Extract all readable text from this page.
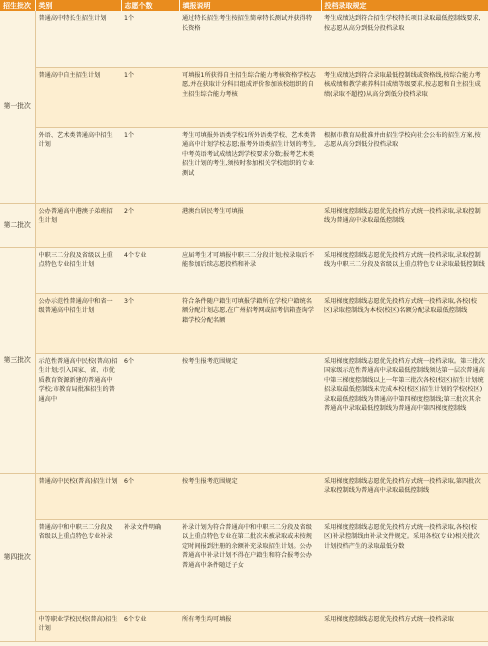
招生批次	类别	志愿个数	填报说明	投档录取规定
第一批次	普通高中特长生招生计划	1个	通过特长招生考生按招生简章特长测试并获得特长资格	考生成绩达到符合招生学校特长项目录取最低控制线要求,按志愿从高分到低分投档录取
	普通高中自主招生计划	1个	可填报1所获得自主招生综合能力考核资格学校志愿,并在获取计分科目组成评价参加该校组织的自主招生综合能力考核	考生成绩达到符合录取最低控制线或资格线,按综合能力考核成绩和教学素养科目成绩等级要求,按志愿和自主招生成绩(录取不超控)从高分到低分投档录取
	外语、艺术类普通高中招生计划	1个	考生可填报外语类学校1所外语类学校、艺术类普通高中计划学校志愿;报考外语类招生计划的考生,中考英语考试成绩达到学校要求分数;报考艺术类招生计划的考生,须按时参加相关学校组织的专业测试	根据市教育局批准并由招生学校向社会公布的招生方案,按志愿从高分到低分投档录取
第二批次	公办普通高中港澳子弟班招生计划	2个	港澳台居民考生可填报	采用梯度控制线志愿优先投档方式统一投档录取,录取控制线为普通高中录取最低控制线
第三批次	中职三二分段及省级以上重点特色专业招生计划	4个专业	应届考生才可填报中职三二分段计划;按录取后不能参加后续志愿投档和补录	采用梯度控制线志愿优先投档方式统一投档录取,录取控制线为中职三二分段及省级以上重点特色专业录取最低控制线
	公办示范性普通高中和省一级普通高中招生计划	3个	符合条件随户籍生可填报学籍所在学校户籍统名额分配计划志愿,在广州招考网或招考信箱查询学籍学校分配名额	采用梯度控制线志愿优先投档方式统一投档录取,各校(校区)录取控制线为本校(校区)名额分配录取最低控制线
	示范性普通高中民校(普高)招生计划;引入国家、省、市优质教育资源新建的普通高中学校;市教育局批准招生的普通高中	6个	按考生报考范围规定	采用梯度控制线志愿优先投档方式统一投档录取。第三批次国家级示范性普通高中录取最低控制线须达第一层次普通高中第三梯度控制线以上一年第三批次各校(校区)招生计划统招录取最低控制线未完成本校(校区)招生计划的学校(校区)录取最低控制线为普通高中第四梯度控制线;第三批次其余普通高中录取最低控制线为普通高中第四梯度控制线
第四批次	普通高中民校(普高)招生计划	6个	按考生报考范围规定	采用梯度控制线志愿优先投档方式统一投档录取,第四批次录取控制线为普通高中录取最低控制线
	普通高中和中职三二分段及省级以上重点特色专业补录	补录文件明确	补录计划为符合普通高中和中职三二分段及省级以上重点特色专业在第二批次未被录取或未按规定时间报到注册的余额补充录取招生计划。公办普通高中补录计划不得在户籍生和符合报考公办普通高中条件随迁子女	采用梯度控制线志愿优先投档方式统一投档录取,各校(校区)补录控制线由补录文件规定。采用各校(专业)相关批次计划投档产生的录取最低分数
	中等职业学校民校(普高)招生计划	6个专业	所有考生均可填报	采用梯度控制线志愿优先投档方式统一投档录取
